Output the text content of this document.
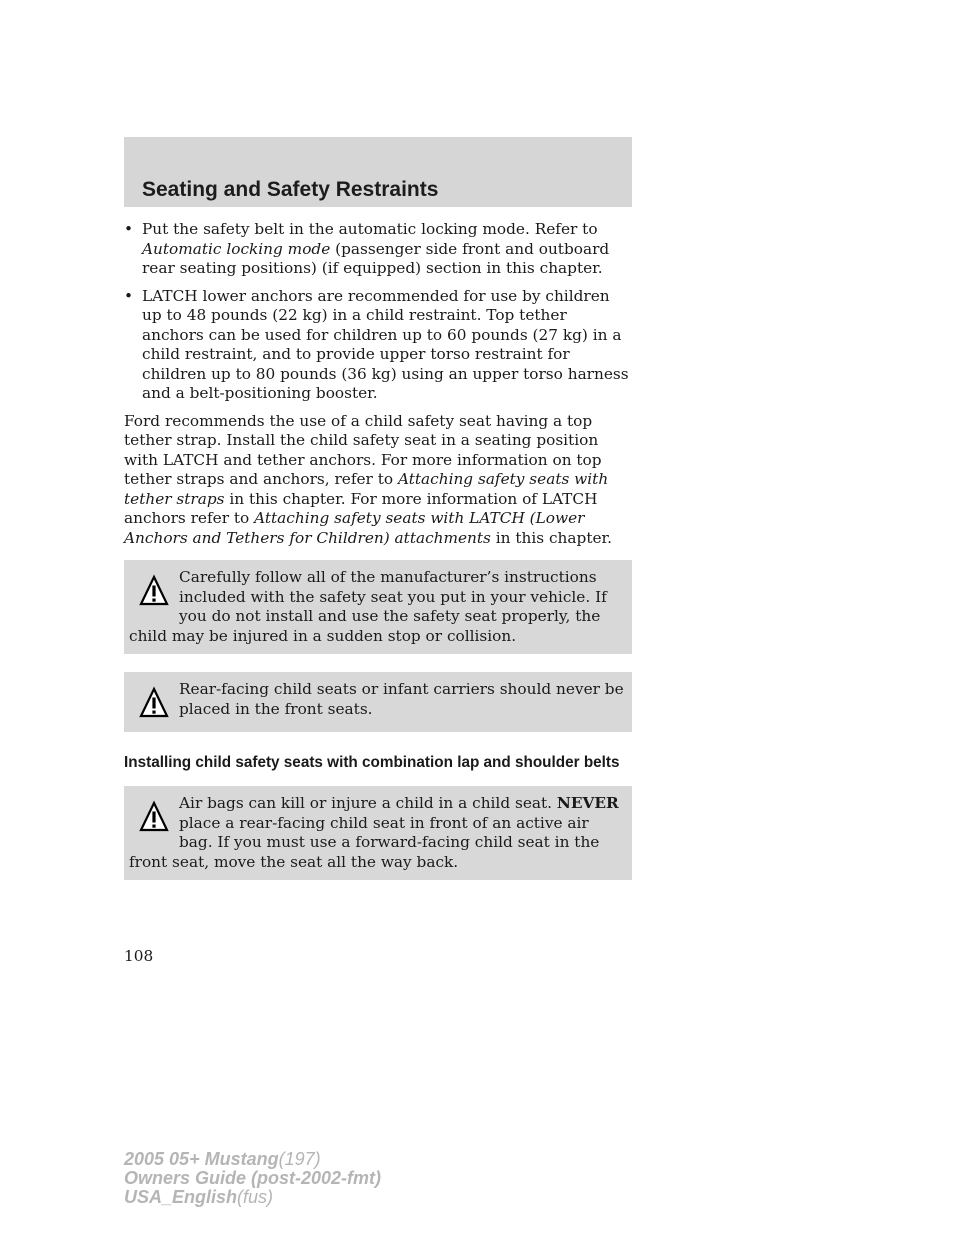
Seating and Safety Restraints
• Put the safety belt in the automatic locking mode. Refer to Automatic locking mode (passenger side front and outboard rear seating positions) (if equipped) section in this chapter.
• LATCH lower anchors are recommended for use by children up to 48 pounds (22 kg) in a child restraint. Top tether anchors can be used for children up to 60 pounds (27 kg) in a child restraint, and to provide upper torso restraint for children up to 80 pounds (36 kg) using an upper torso harness and a belt-positioning booster.

Ford recommends the use of a child safety seat having a top tether strap. Install the child safety seat in a seating position with LATCH and tether anchors. For more information on top tether straps and anchors, refer to Attaching safety seats with tether straps in this chapter. For more information of LATCH anchors refer to Attaching safety seats with LATCH (Lower Anchors and Tethers for Children) attachments in this chapter.

Carefully follow all of the manufacturer’s instructions included with the safety seat you put in your vehicle. If you do not install and use the safety seat properly, the child may be injured in a sudden stop or collision.
Rear-facing child seats or infant carriers should never be placed in the front seats.
Installing child safety seats with combination lap and shoulder belts
Air bags can kill or injure a child in a child seat. NEVER place a rear-facing child seat in front of an active air bag. If you must use a forward-facing child seat in the front seat, move the seat all the way back.
108
2005 05+ Mustang(197)
Owners Guide (post-2002-fmt)
USA_English(fus)
